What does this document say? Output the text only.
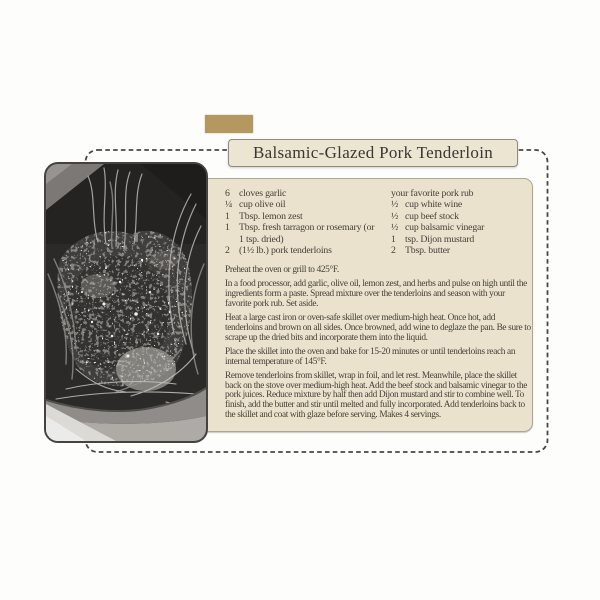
6 cloves garlic
¼ cup olive oil
1 Tbsp. lemon zest
1 Tbsp. fresh tarragon or rosemary (or 1 tsp. dried)
2 (1½ lb.) pork tenderloins
your favorite pork rub
½ cup white wine
½ cup beef stock
½ cup balsamic vinegar
1 tsp. Dijon mustard
2 Tbsp. butter

Preheat the oven or grill to 425°F.

In a food processor, add garlic, olive oil, lemon zest, and herbs and pulse on high until the ingredients form a paste. Spread mixture over the tenderloins and season with your favorite pork rub. Set aside.

Heat a large cast iron or oven-safe skillet over medium-high heat. Once hot, add tenderloins and brown on all sides. Once browned, add wine to deglaze the pan. Be sure to scrape up the dried bits and incorporate them into the liquid.

Place the skillet into the oven and bake for 15-20 minutes or until tenderloins reach an internal temperature of 145°F.

Remove tenderloins from skillet, wrap in foil, and let rest. Meanwhile, place the skillet back on the stove over medium-high heat. Add the beef stock and balsamic vinegar to the pork juices. Reduce mixture by half then add Dijon mustard and stir to combine well. To finish, add the butter and stir until melted and fully incorporated. Add tenderloins back to the skillet and coat with glaze before serving. Makes 4 servings.

Balsamic-Glazed Pork Tenderloin
